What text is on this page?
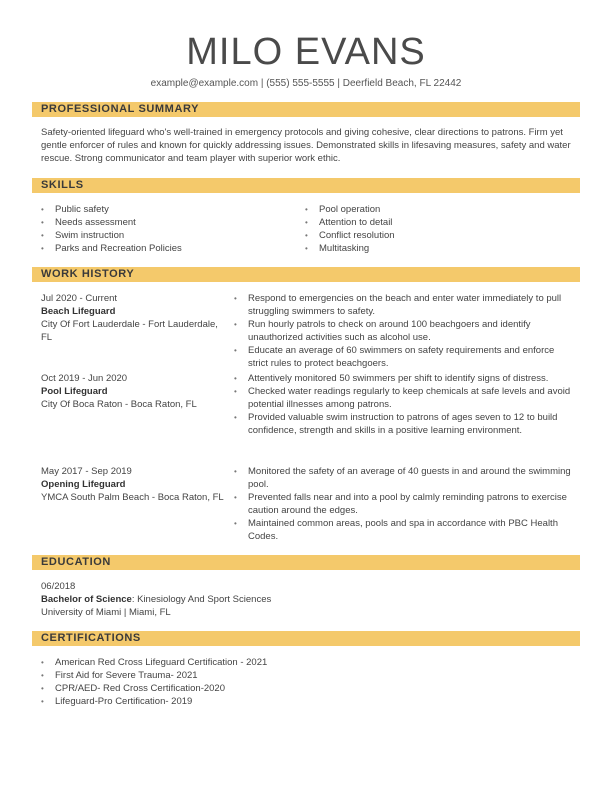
MILO EVANS
example@example.com | (555) 555-5555 | Deerfield Beach, FL 22442
PROFESSIONAL SUMMARY
Safety-oriented lifeguard who's well-trained in emergency protocols and giving cohesive, clear directions to patrons. Firm yet gentle enforcer of rules and known for quickly addressing issues. Demonstrated skills in lifesaving measures, safety and water rescue. Strong communicator and team player with superior work ethic.
SKILLS
• Public safety
• Needs assessment
• Swim instruction
• Parks and Recreation Policies
• Pool operation
• Attention to detail
• Conflict resolution
• Multitasking
WORK HISTORY
Jul 2020 - Current
Beach Lifeguard
City Of Fort Lauderdale - Fort Lauderdale, FL
• Respond to emergencies on the beach and enter water immediately to pull struggling swimmers to safety.
• Run hourly patrols to check on around 100 beachgoers and identify unauthorized activities such as alcohol use.
• Educate an average of 60 swimmers on safety requirements and enforce strict rules to protect beachgoers.
Oct 2019 - Jun 2020
Pool Lifeguard
City Of Boca Raton - Boca Raton, FL
• Attentively monitored 50 swimmers per shift to identify signs of distress.
• Checked water readings regularly to keep chemicals at safe levels and avoid potential illnesses among patrons.
• Provided valuable swim instruction to patrons of ages seven to 12 to build confidence, strength and skills in a positive learning environment.
May 2017 - Sep 2019
Opening Lifeguard
YMCA South Palm Beach - Boca Raton, FL
• Monitored the safety of an average of 40 guests in and around the swimming pool.
• Prevented falls near and into a pool by calmly reminding patrons to exercise caution around the edges.
• Maintained common areas, pools and spa in accordance with PBC Health Codes.
EDUCATION
06/2018
Bachelor of Science: Kinesiology And Sport Sciences
University of Miami | Miami, FL
CERTIFICATIONS
• American Red Cross Lifeguard Certification - 2021
• First Aid for Severe Trauma- 2021
• CPR/AED- Red Cross Certification-2020
• Lifeguard-Pro Certification- 2019
